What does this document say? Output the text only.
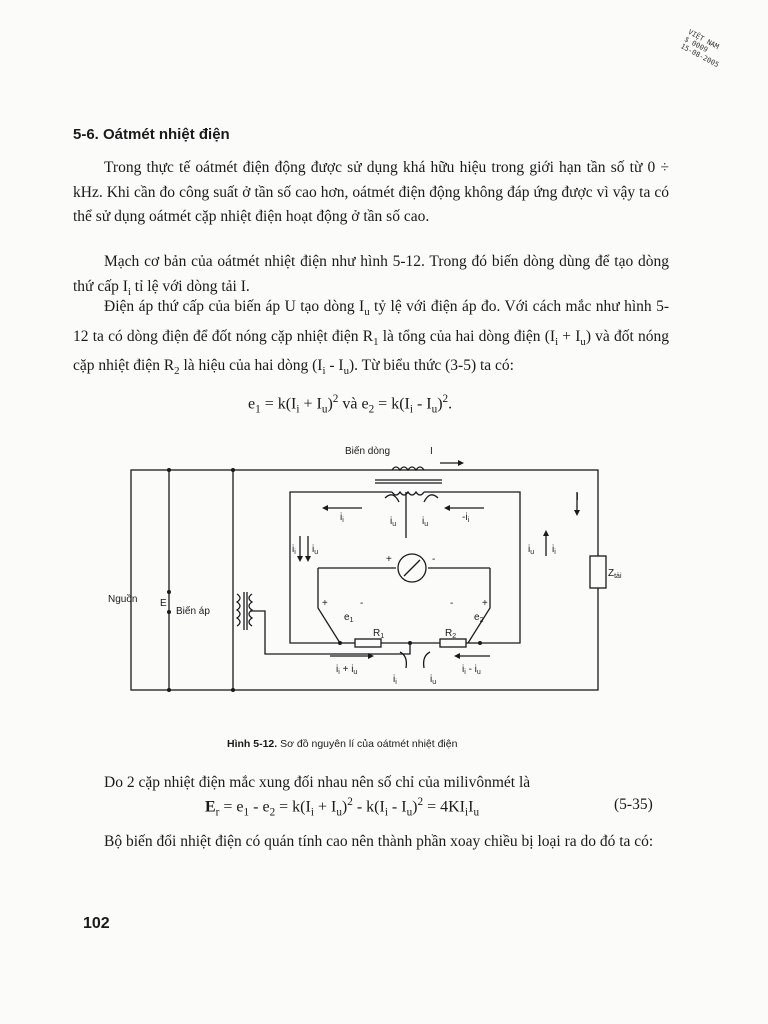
VIỆT NAM
$ 0009
15-08-2005
5-6. Oátmét nhiệt điện

Trong thực tế oátmét điện động được sử dụng khá hữu hiệu trong giới hạn tần số từ 0 ÷ kHz. Khi cần đo công suất ở tần số cao hơn, oátmét điện động không đáp ứng được vì vậy ta có thể sử dụng oátmét cặp nhiệt điện hoạt động ở tần số cao.

Mạch cơ bản của oátmét nhiệt điện như hình 5-12. Trong đó biến dòng dùng để tạo dòng thứ cấp $I_i$ tỉ lệ với dòng tải I.

Điện áp thứ cấp của biến áp U tạo dòng $I_u$ tỷ lệ với điện áp đo. Với cách mắc như hình 5-12 ta có dòng điện để đốt nóng cặp nhiệt điện $R_1$ là tổng của hai dòng điện $(I_i + I_u)$ và đốt nóng cặp nhiệt điện $R_2$ là hiệu của hai dòng $(I_i - I_u)$. Từ biểu thức (3-5) ta có:

$e_1 = k(I_i + I_u)^2$ và $e_2 = k(I_i - I_u)^2$.

Biến dòng	I
I
Nguồn E
Biến áp
$Z_{tải}$
$i_i$	$-i_i$
$i_u$	$i_u$
$i_i$ $i_u$	$i_u$ $i_i$
+	-
+	-	-	+
$e_1$	$e_2$
$R_1$	$R_2$
$i_i + i_u$
$i_i$	$i_u$
$i_i - i_u$

Hình 5-12. Sơ đồ nguyên lí của oátmét nhiệt điện

Do 2 cặp nhiệt điện mắc xung đối nhau nên số chỉ của milivônmét là

$E_r = e_1 - e_2 = k(I_i + I_u)^2 - k(I_i - I_u)^2 = 4KI_iI_u$	(5-35)

Bộ biến đổi nhiệt điện có quán tính cao nên thành phần xoay chiều bị loại ra do đó ta có:

102
